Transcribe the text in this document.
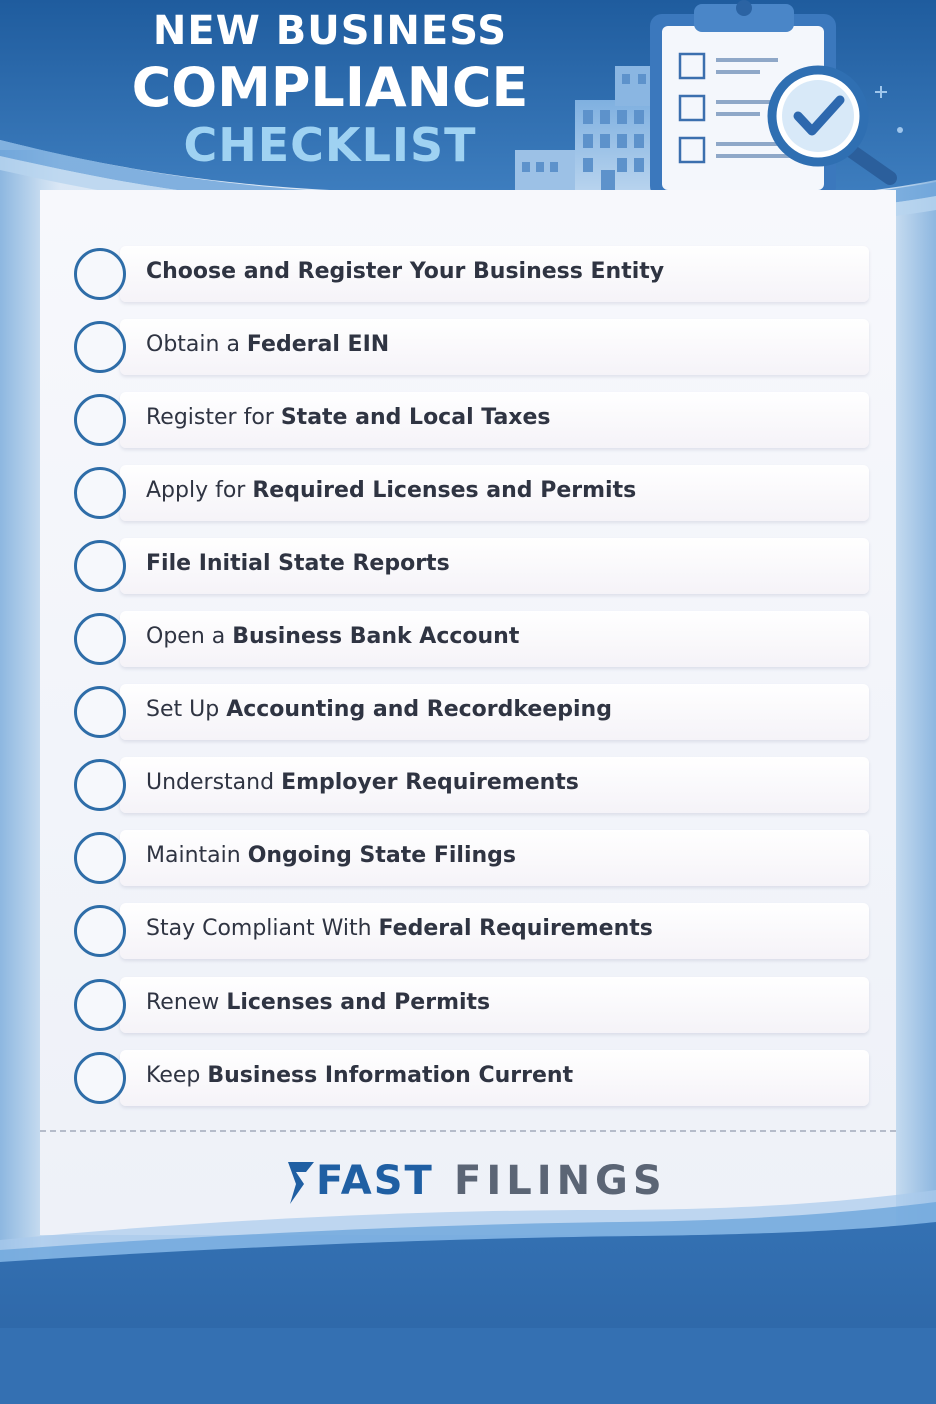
NEW BUSINESS
COMPLIANCE
CHECKLIST
Choose and Register Your Business Entity
Obtain a Federal EIN
Register for State and Local Taxes
Apply for Required Licenses and Permits
File Initial State Reports
Open a Business Bank Account
Set Up Accounting and Recordkeeping
Understand Employer Requirements
Maintain Ongoing State Filings
Stay Compliant With Federal Requirements
Renew Licenses and Permits
Keep Business Information Current
FAST FILINGS
